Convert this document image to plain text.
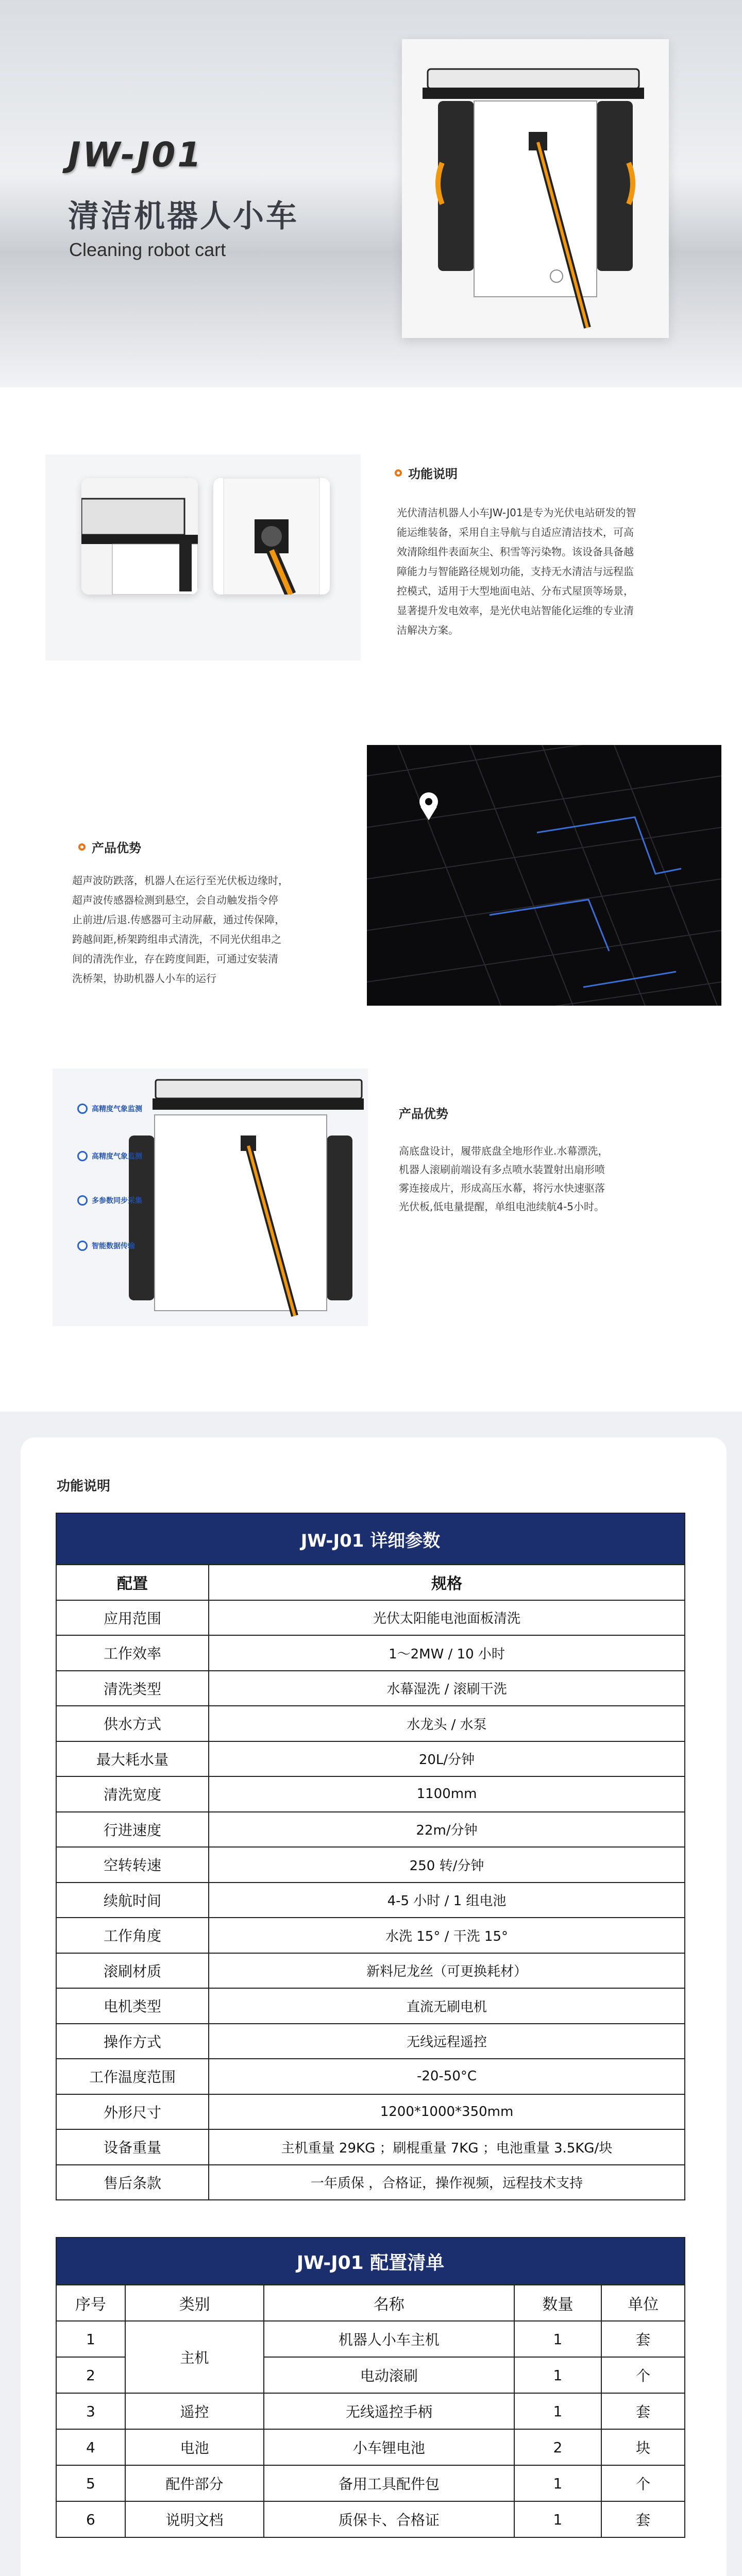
JW-J01
清洁机器人小车
Cleaning robot cart
功能说明
光伏清洁机器人小车JW-J01是专为光伏电站研发的智
能运维装备，采用自主导航与自适应清洁技术，可高
效清除组件表面灰尘、积雪等污染物。该设备具备越
障能力与智能路径规划功能，支持无水清洁与远程监
控模式，适用于大型地面电站、分布式屋顶等场景，
显著提升发电效率，是光伏电站智能化运维的专业清
洁解决方案。
产品优势
超声波防跌落，机器人在运行至光伏板边缘时，
超声波传感器检测到悬空，会自动触发指令停
止前进/后退.传感器可主动屏蔽，通过传保障，
跨越间距,桥架跨组串式清洗，不同光伏组串之
间的清洗作业，存在跨度间距，可通过安装清
洗桥架，协助机器人小车的运行
高精度气象监测
高精度气象监测
多参数同步采集
智能数据传输
产品优势
高底盘设计，履带底盘全地形作业.水幕漂洗，
机器人滚刷前端设有多点喷水装置射出扇形喷
雾连接成片，形成高压水幕，将污水快速驱落
光伏板,低电量提醒，单组电池续航4-5小时。
功能说明
JW-J01 详细参数	
配置	规格
应用范围	光伏太阳能电池面板清洗
工作效率	1～2MW / 10 小时
清洗类型	水幕湿洗 / 滚刷干洗
供水方式	水龙头 / 水泵
最大耗水量	20L/分钟
清洗宽度	1100mm
行进速度	22m/分钟
空转转速	250 转/分钟
续航时间	4-5 小时 / 1 组电池
工作角度	水洗 15° / 干洗 15°
滚刷材质	新料尼龙丝（可更换耗材）
电机类型	直流无刷电机
操作方式	无线远程遥控
工作温度范围	-20-50°C
外形尺寸	1200*1000*350mm
设备重量	主机重量 29KG ；刷棍重量 7KG ；电池重量 3.5KG/块
售后条款	一年质保 ，合格证，操作视频，远程技术支持
JW-J01 配置清单				
序号	类别	名称	数量	单位
1	主机	机器人小车主机	1	套
2		电动滚刷	1	个
3	遥控	无线遥控手柄	1	套
4	电池	小车锂电池	2	块
5	配件部分	备用工具配件包	1	个
6	说明文档	质保卡、合格证	1	套
